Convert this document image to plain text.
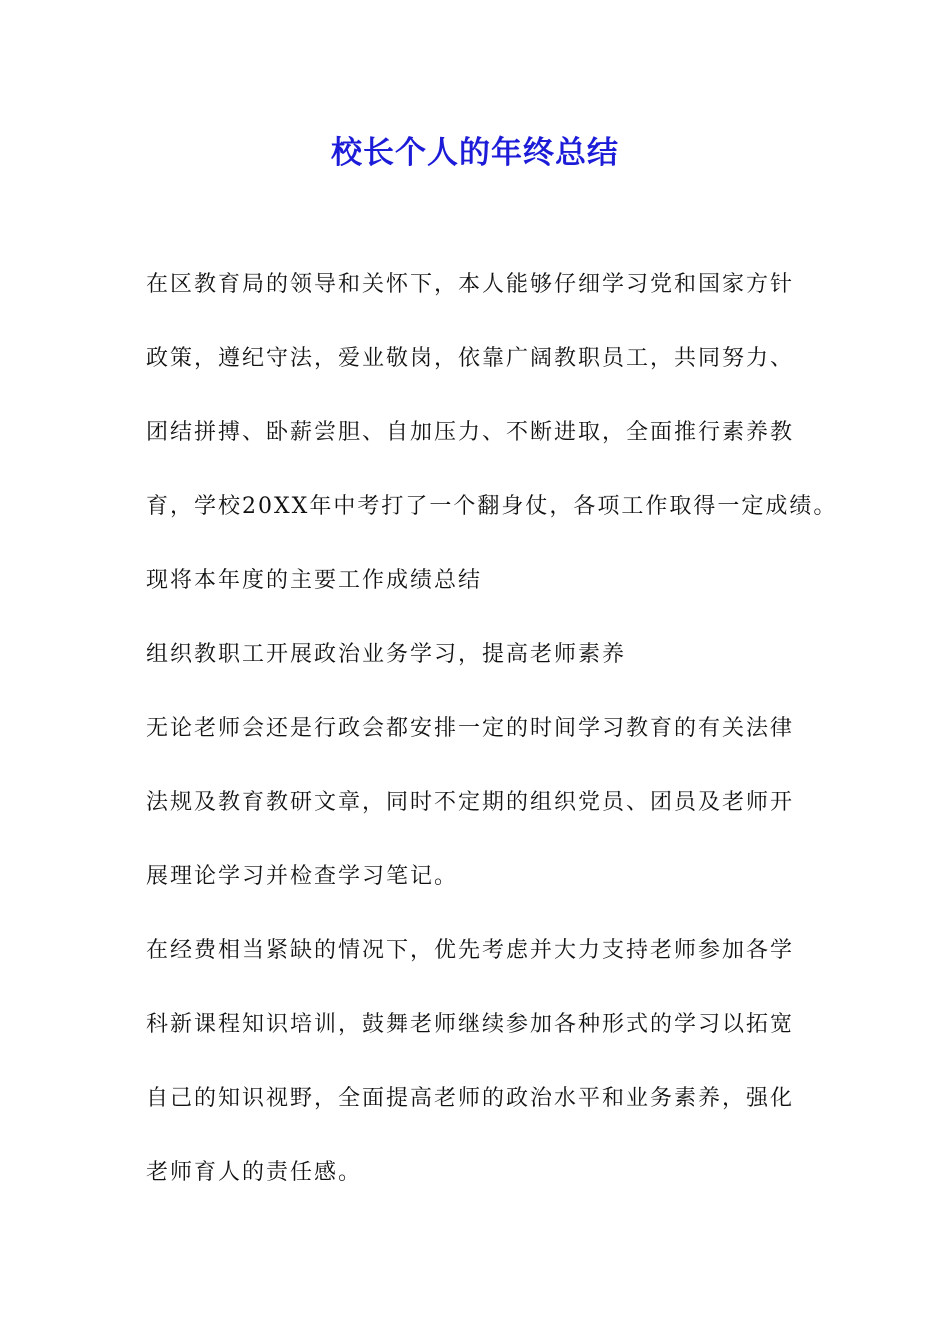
校长个人的年终总结
在区教育局的领导和关怀下，本人能够仔细学习党和国家方针
政策，遵纪守法，爱业敬岗，依靠广阔教职员工，共同努力、
团结拼搏、卧薪尝胆、自加压力、不断进取，全面推行素养教
育，学校20XX年中考打了一个翻身仗，各项工作取得一定成绩。
现将本年度的主要工作成绩总结
组织教职工开展政治业务学习，提高老师素养
无论老师会还是行政会都安排一定的时间学习教育的有关法律
法规及教育教研文章，同时不定期的组织党员、团员及老师开
展理论学习并检查学习笔记。
在经费相当紧缺的情况下，优先考虑并大力支持老师参加各学
科新课程知识培训，鼓舞老师继续参加各种形式的学习以拓宽
自己的知识视野，全面提高老师的政治水平和业务素养，强化
老师育人的责任感。
